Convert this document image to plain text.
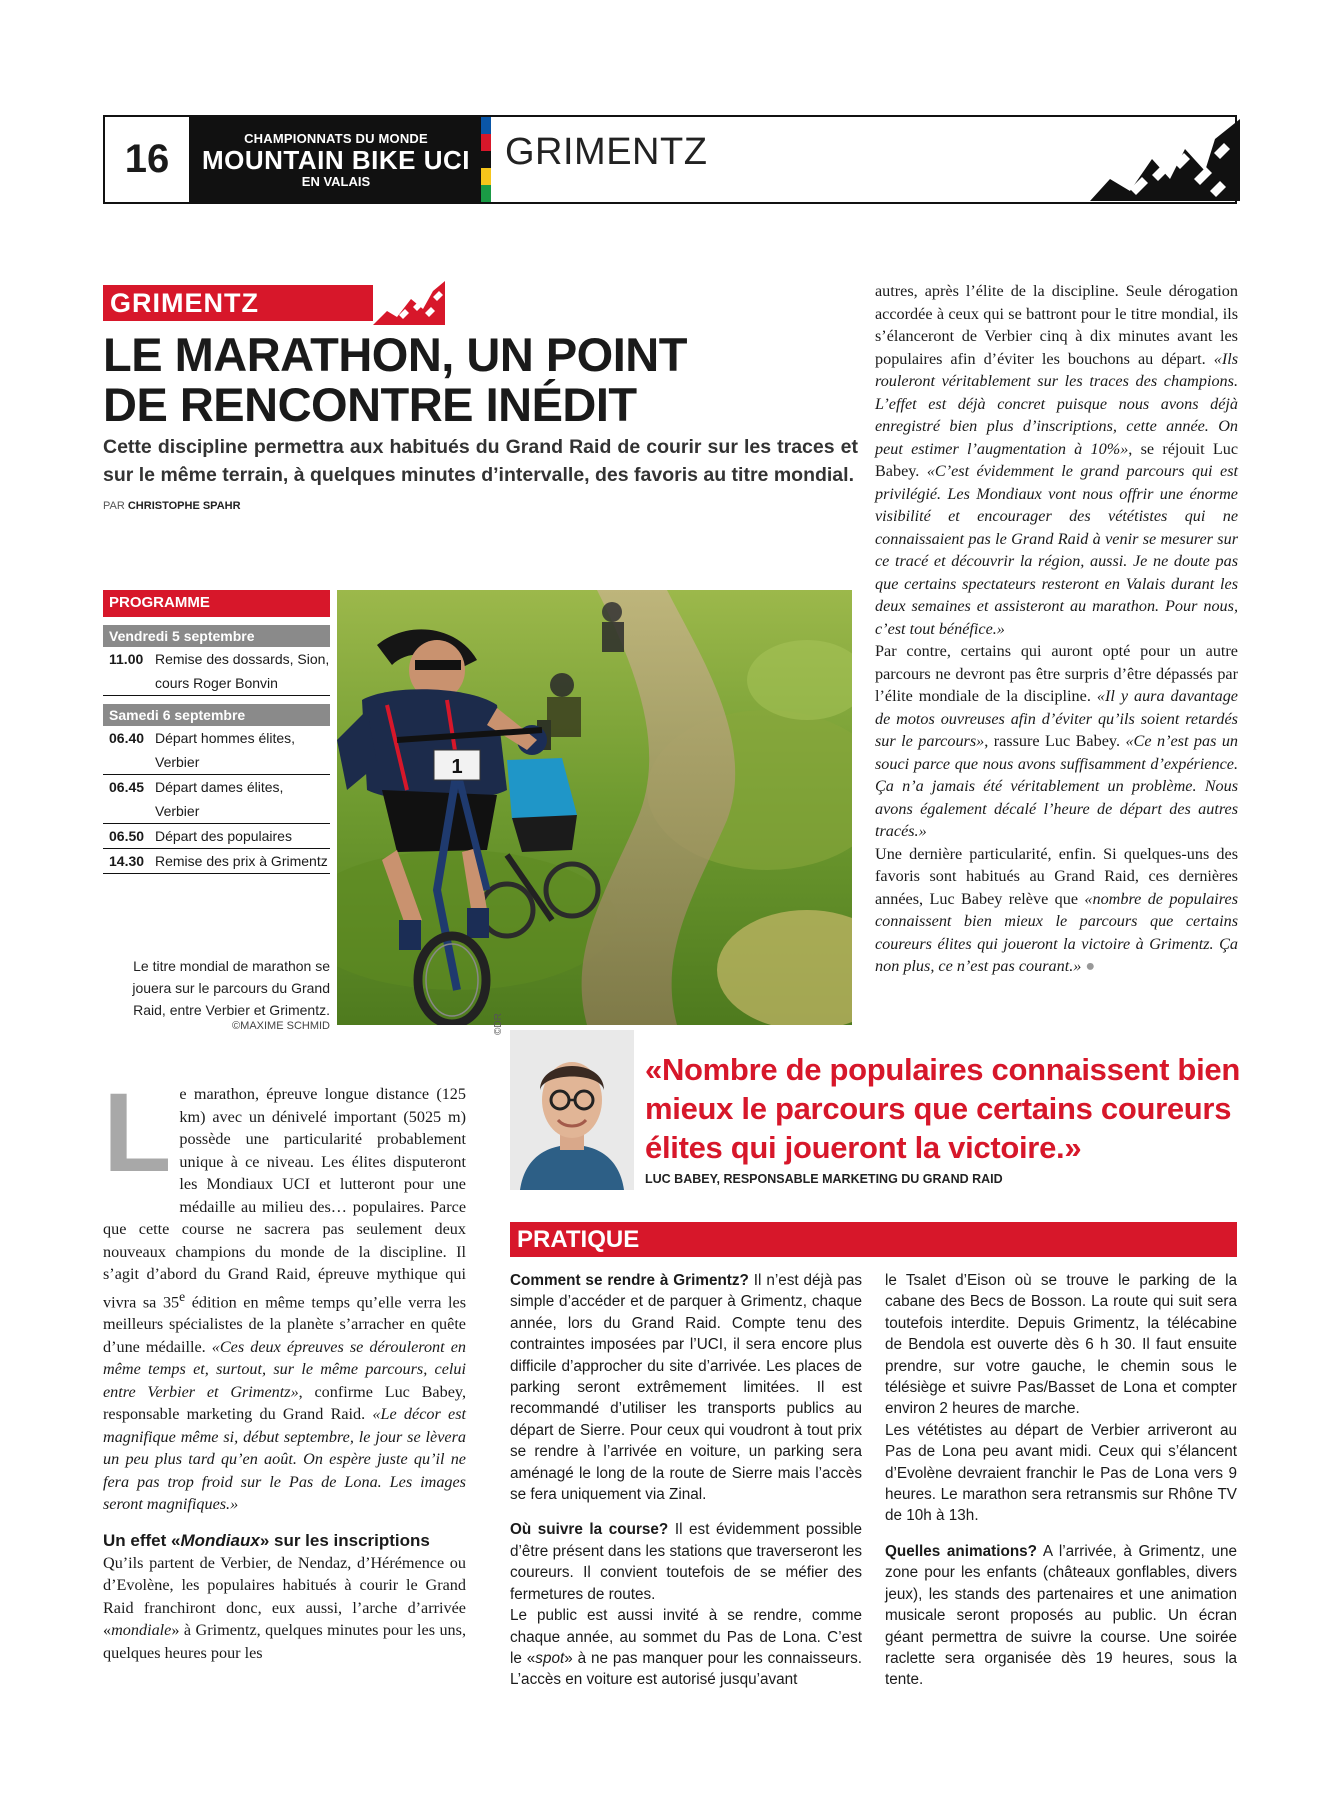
16	CHAMPIONNATS DU MONDE
MOUNTAIN BIKE UCI
EN VALAIS
GRIMENTZ
GRIMENTZ
LE MARATHON, UN POINT
DE RENCONTRE INÉDIT
Cette discipline permettra aux habitués du Grand Raid de courir sur les traces et sur le même terrain, à quelques minutes d’intervalle, des favoris au titre mondial.
PAR CHRISTOPHE SPAHR
PROGRAMME
Vendredi 5 septembre
11.00 Remise des dossards, Sion, cours Roger Bonvin
Samedi 6 septembre
06.40 Départ hommes élites, Verbier
06.45 Départ dames élites, Verbier
06.50 Départ des populaires
14.30 Remise des prix à Grimentz
1
Le titre mondial de marathon se jouera sur le parcours du Grand Raid, entre Verbier et Grimentz.
©MAXIME SCHMID

autres, après l’élite de la discipline. Seule dérogation accordée à ceux qui se battront pour le titre mondial, ils s’élanceront de Verbier cinq à dix minutes avant les populaires afin d’éviter les bouchons au départ. «Ils rouleront véritablement sur les traces des champions. L’effet est déjà concret puisque nous avons déjà enregistré bien plus d’inscriptions, cette année. On peut estimer l’augmentation à 10%», se réjouit Luc Babey. «C’est évidemment le grand parcours qui est privilégié. Les Mondiaux vont nous offrir une énorme visibilité et encourager des vététistes qui ne connaissaient pas le Grand Raid à venir se mesurer sur ce tracé et découvrir la région, aussi. Je ne doute pas que certains spectateurs resteront en Valais durant les deux semaines et assisteront au marathon. Pour nous, c’est tout bénéfice.»

Par contre, certains qui auront opté pour un autre parcours ne devront pas être surpris d’être dépassés par l’élite mondiale de la discipline. «Il y aura davantage de motos ouvreuses afin d’éviter qu’ils soient retardés sur le parcours», rassure Luc Babey. «Ce n’est pas un souci parce que nous avons suffisamment d’expérience. Ça n’a jamais été véritablement un problème. Nous avons également décalé l’heure de départ des autres tracés.»

Une dernière particularité, enfin. Si quelques-uns des favoris sont habitués au Grand Raid, ces dernières années, Luc Babey relève que «nombre de populaires connaissent bien mieux le parcours que certains coureurs élites qui joueront la victoire à Grimentz. Ça non plus, ce n’est pas courant.» ●

Le marathon, épreuve longue distance (125 km) avec un dénivelé important (5025 m) possède une particularité probablement unique à ce niveau. Les élites disputeront les Mondiaux UCI et lutteront pour une médaille au milieu des… populaires. Parce que cette course ne sacrera pas seulement deux nouveaux champions du monde de la discipline. Il s’agit d’abord du Grand Raid, épreuve mythique qui vivra sa 35e édition en même temps qu’elle verra les meilleurs spécialistes de la planète s’arracher en quête d’une médaille. «Ces deux épreuves se dérouleront en même temps et, surtout, sur le même parcours, celui entre Verbier et Grimentz», confirme Luc Babey, responsable marketing du Grand Raid. «Le décor est magnifique même si, début septembre, le jour se lèvera un peu plus tard qu’en août. On espère juste qu’il ne fera pas trop froid sur le Pas de Lona. Les images seront magnifiques.»

Un effet «Mondiaux» sur les inscriptions

Qu’ils partent de Verbier, de Nendaz, d’Hérémence ou d’Evolène, les populaires habitués à courir le Grand Raid franchiront donc, eux aussi, l’arche d’arrivée «mondiale» à Grimentz, quelques minutes pour les uns, quelques heures pour les

©DR
«Nombre de populaires connaissent bien mieux le parcours que certains coureurs élites qui joueront la victoire.»
LUC BABEY, RESPONSABLE MARKETING DU GRAND RAID
PRATIQUE

Comment se rendre à Grimentz? Il n’est déjà pas simple d’accéder et de parquer à Grimentz, chaque année, lors du Grand Raid. Compte tenu des contraintes imposées par l’UCI, il sera encore plus difficile d’approcher du site d’arrivée. Les places de parking seront extrêmement limitées. Il est recommandé d’utiliser les transports publics au départ de Sierre. Pour ceux qui voudront à tout prix se rendre à l’arrivée en voiture, un parking sera aménagé le long de la route de Sierre mais l’accès se fera uniquement via Zinal.

Où suivre la course? Il est évidemment possible d’être présent dans les stations que traverseront les coureurs. Il convient toutefois de se méfier des fermetures de routes.

Le public est aussi invité à se rendre, comme chaque année, au sommet du Pas de Lona. C’est le «spot» à ne pas manquer pour les connaisseurs. L’accès en voiture est autorisé jusqu’avant

le Tsalet d’Eison où se trouve le parking de la cabane des Becs de Bosson. La route qui suit sera toutefois interdite. Depuis Grimentz, la télécabine de Bendola est ouverte dès 6 h 30. Il faut ensuite prendre, sur votre gauche, le chemin sous le télésiège et suivre Pas/Basset de Lona et compter environ 2 heures de marche.

Les vététistes au départ de Verbier arriveront au Pas de Lona peu avant midi. Ceux qui s’élancent d’Evolène devraient franchir le Pas de Lona vers 9 heures. Le marathon sera retransmis sur Rhône TV de 10h à 13h.

Quelles animations? A l’arrivée, à Grimentz, une zone pour les enfants (châteaux gonflables, divers jeux), les stands des partenaires et une animation musicale seront proposés au public. Un écran géant permettra de suivre la course. Une soirée raclette sera organisée dès 19 heures, sous la tente.
